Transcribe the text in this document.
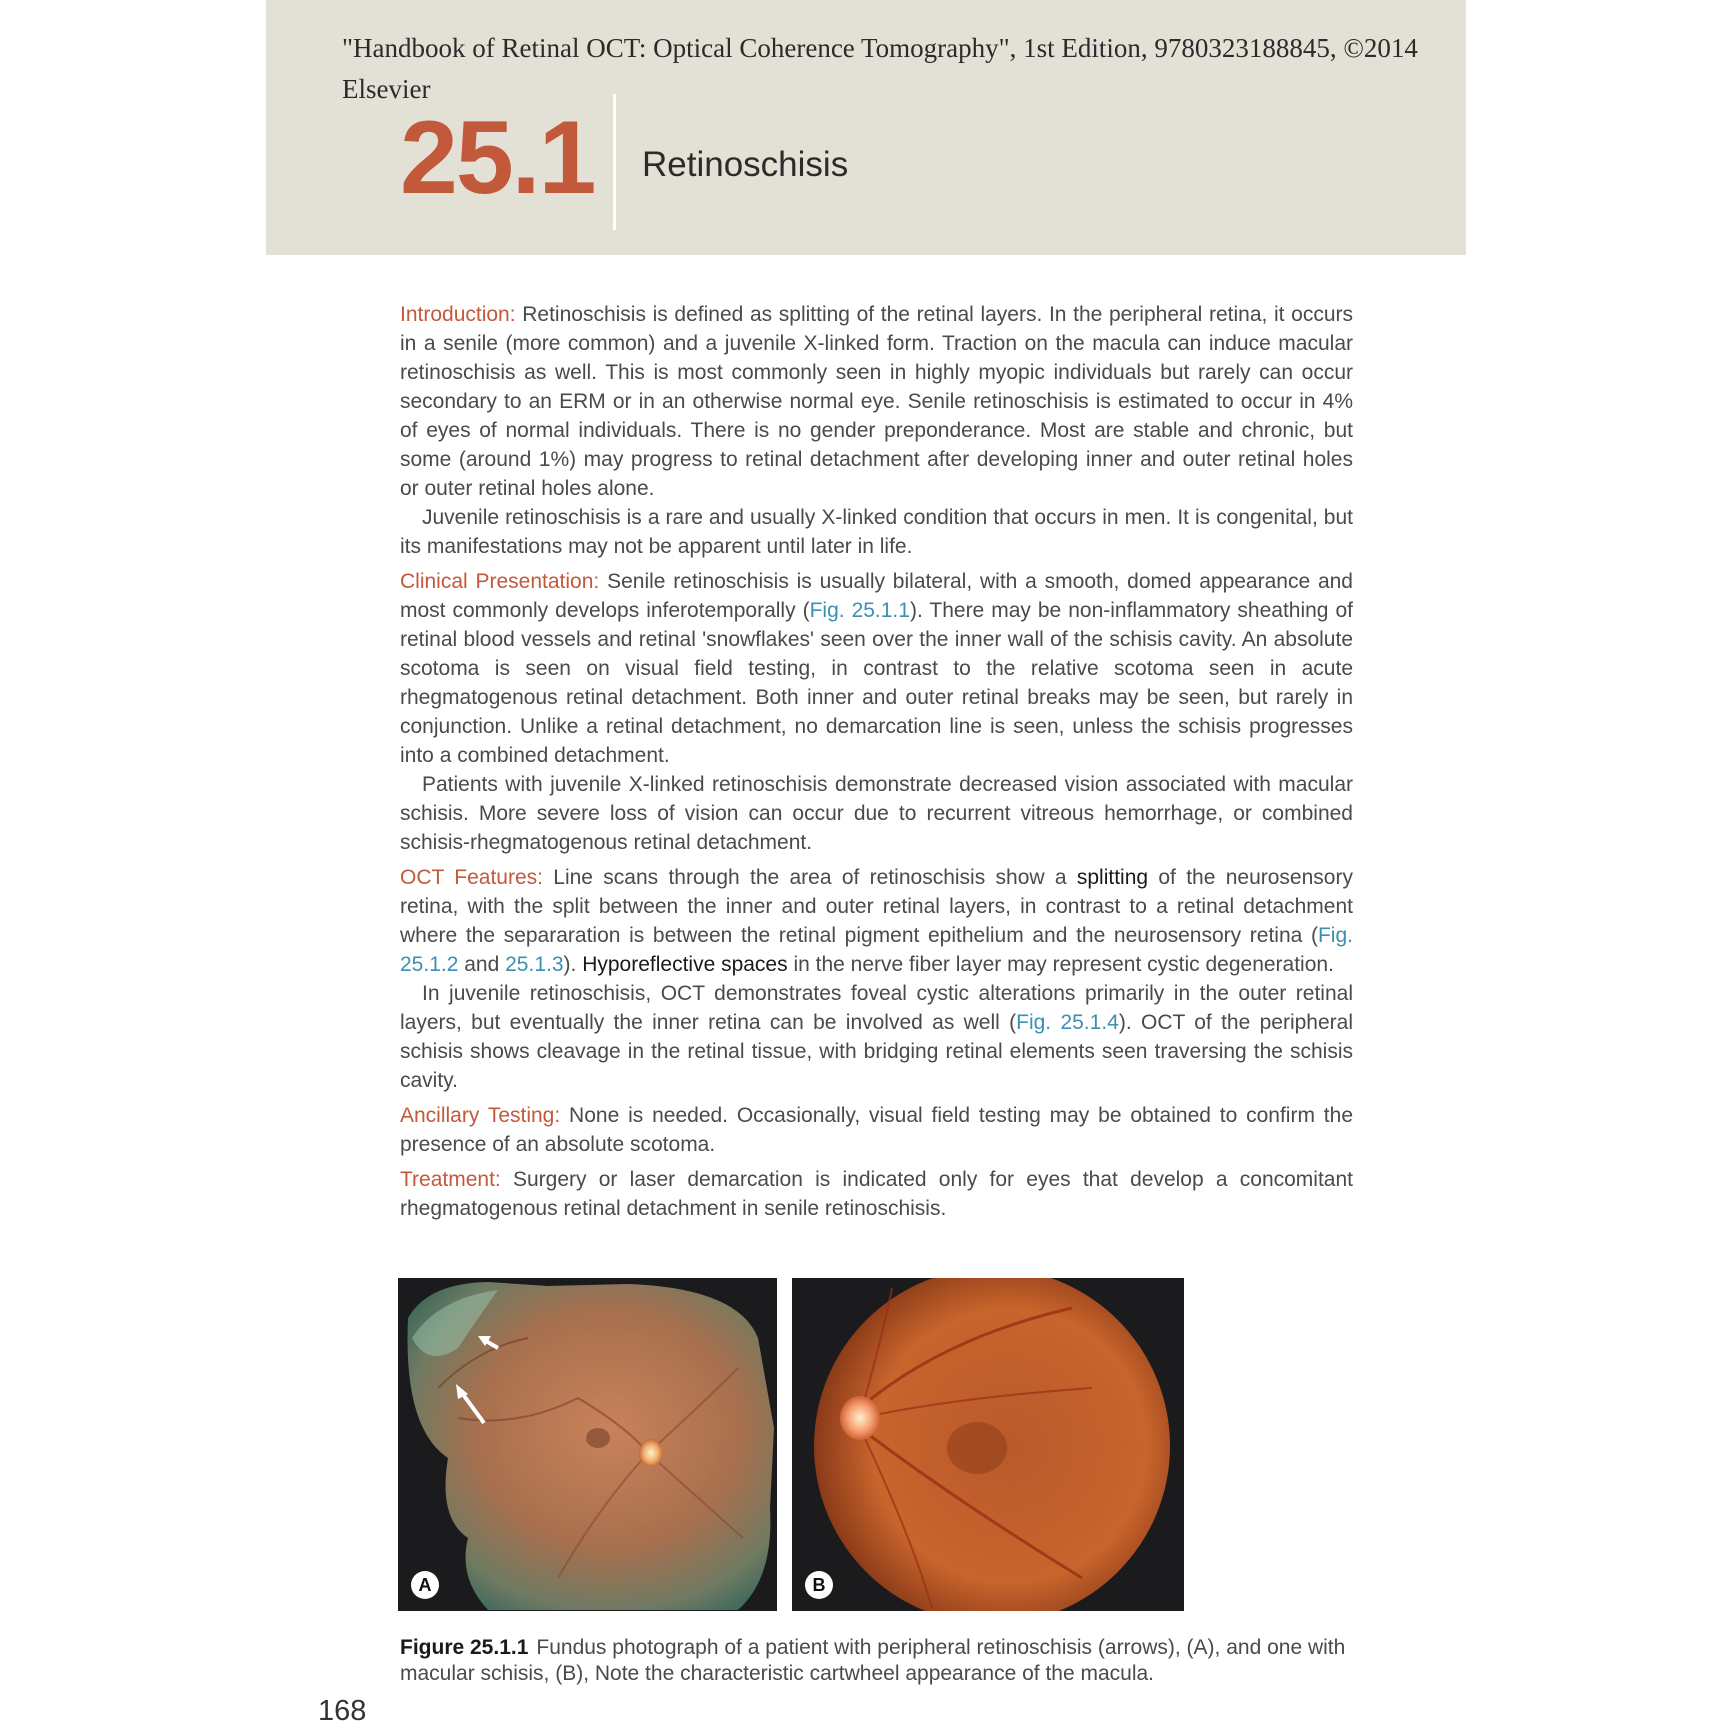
"Handbook of Retinal OCT: Optical Coherence Tomography", 1st Edition, 9780323188845, ©2014 Elsevier
25.1 Retinoschisis

Introduction: Retinoschisis is defined as splitting of the retinal layers. In the peripheral retina, it occurs in a senile (more common) and a juvenile X-linked form. Traction on the macula can induce macular retinoschisis as well. This is most commonly seen in highly myopic individuals but rarely can occur secondary to an ERM or in an otherwise normal eye. Senile retinoschisis is estimated to occur in 4% of eyes of normal individuals. There is no gender preponderance. Most are stable and chronic, but some (around 1%) may progress to retinal detachment after developing inner and outer retinal holes or outer retinal holes alone.

Juvenile retinoschisis is a rare and usually X-linked condition that occurs in men. It is congenital, but its manifestations may not be apparent until later in life.

Clinical Presentation: Senile retinoschisis is usually bilateral, with a smooth, domed appearance and most commonly develops inferotemporally (Fig. 25.1.1). There may be non-inflammatory sheathing of retinal blood vessels and retinal 'snowflakes' seen over the inner wall of the schisis cavity. An absolute scotoma is seen on visual field testing, in contrast to the relative scotoma seen in acute rhegmatogenous retinal detachment. Both inner and outer retinal breaks may be seen, but rarely in conjunction. Unlike a retinal detachment, no demarcation line is seen, unless the schisis progresses into a combined detachment.

Patients with juvenile X-linked retinoschisis demonstrate decreased vision associated with macular schisis. More severe loss of vision can occur due to recurrent vitreous hemorrhage, or combined schisis-rhegmatogenous retinal detachment.

OCT Features: Line scans through the area of retinoschisis show a splitting of the neurosensory retina, with the split between the inner and outer retinal layers, in contrast to a retinal detachment where the separaration is between the retinal pigment epithelium and the neurosensory retina (Fig. 25.1.2 and 25.1.3). Hyporeflective spaces in the nerve fiber layer may represent cystic degeneration.

In juvenile retinoschisis, OCT demonstrates foveal cystic alterations primarily in the outer retinal layers, but eventually the inner retina can be involved as well (Fig. 25.1.4). OCT of the peripheral schisis shows cleavage in the retinal tissue, with bridging retinal elements seen traversing the schisis cavity.

Ancillary Testing: None is needed. Occasionally, visual field testing may be obtained to confirm the presence of an absolute scotoma.

Treatment: Surgery or laser demarcation is indicated only for eyes that develop a concomitant rhegmatogenous retinal detachment in senile retinoschisis.

A	B
Figure 25.1.1 Fundus photograph of a patient with peripheral retinoschisis (arrows), (A), and one with macular schisis, (B), Note the characteristic cartwheel appearance of the macula.
168
